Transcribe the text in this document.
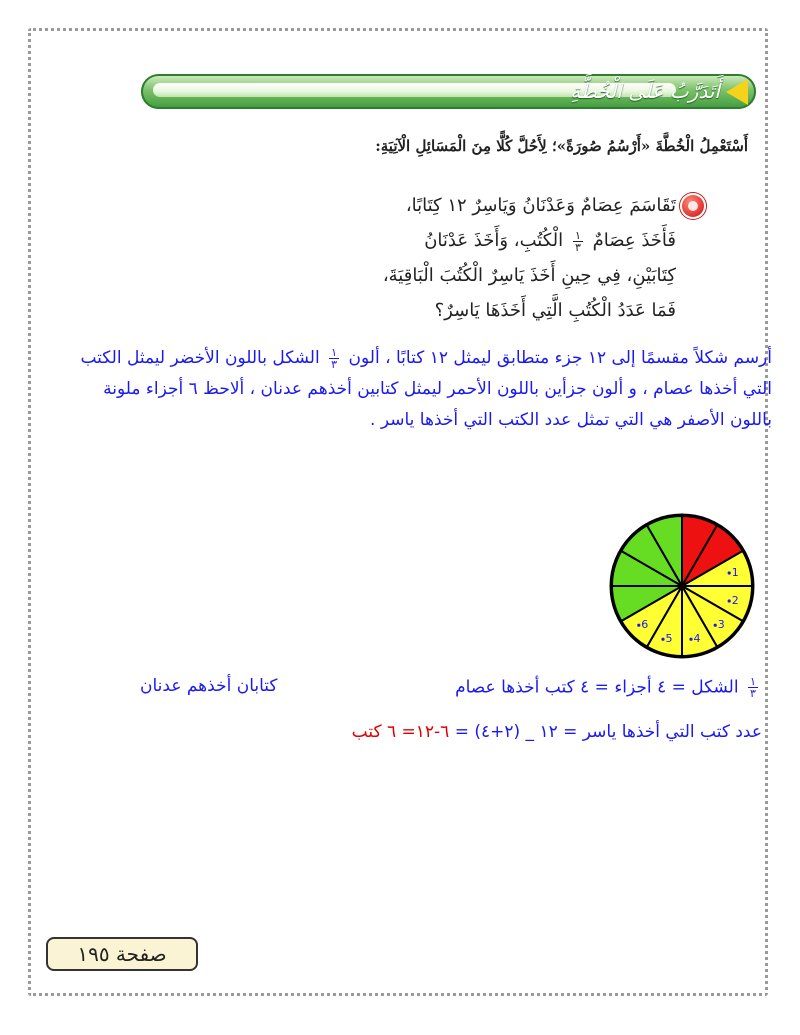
أَتَدَرَّبُ عَلَى الْخُطَّةِ
أَسْتَعْمِلُ الْخُطَّةَ «أَرْسُمُ صُورَةً»؛ لِأَحُلَّ كُلًّا مِنَ الْمَسَائِلِ الْآتِيَةِ:
تَقَاسَمَ عِصَامٌ وَعَدْنَانُ وَيَاسِرٌ ١٢ كِتَابًا،
فَأَخَذَ عِصَامٌ
$\frac{١}{٣}$
الْكُتُبِ، وَأَخَذَ عَدْنَانُ
كِتَابَيْنِ، فِي حِينِ أَخَذَ يَاسِرٌ الْكُتُبَ الْبَاقِيَةَ،
فَمَا عَدَدُ الْكُتُبِ الَّتِي أَخَذَهَا يَاسِرٌ؟
أرسم شكلاً مقسمًا إلى ١٢ جزء متطابق ليمثل ١٢ كتابًا ، ألون
$\frac{١}{٣}$
الشكل باللون الأخضر ليمثل الكتب التي أخذها عصام ، و ألون جزأين باللون الأحمر ليمثل كتابين أخذهم عدنان ، ألاحظ ٦ أجزاء ملونة باللون الأصفر هي التي تمثل عدد الكتب التي أخذها ياسر .
1
2
3
4
5
6
$\frac{١}{٣}$
الشكل = ٤ أجزاء = ٤ كتب أخذها عصام
كتابان أخذهم عدنان
عدد كتب التي أخذها ياسر = ١٢ _ (٢+٤) = ٦-١٢= ٦ كتب
صفحة ١٩٥
